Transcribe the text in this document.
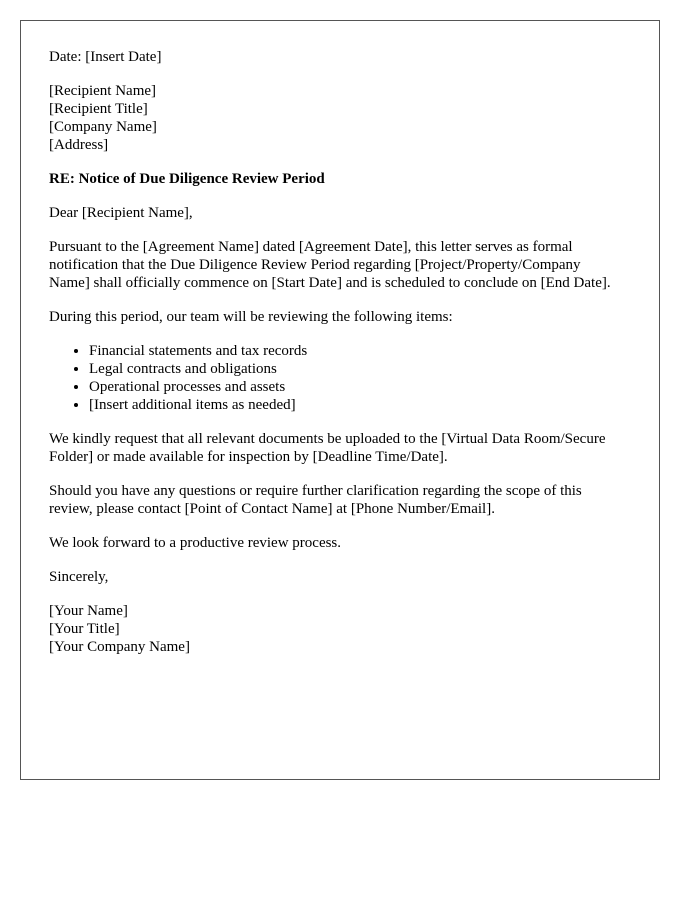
Date: [Insert Date]

[Recipient Name]
[Recipient Title]
[Company Name]
[Address]

RE: Notice of Due Diligence Review Period

Dear [Recipient Name],

Pursuant to the [Agreement Name] dated [Agreement Date], this letter serves as formal notification that the Due Diligence Review Period regarding [Project/Property/Company Name] shall officially commence on [Start Date] and is scheduled to conclude on [End Date].

During this period, our team will be reviewing the following items:

• Financial statements and tax records
• Legal contracts and obligations
• Operational processes and assets
• [Insert additional items as needed]

We kindly request that all relevant documents be uploaded to the [Virtual Data Room/Secure Folder] or made available for inspection by [Deadline Time/Date].

Should you have any questions or require further clarification regarding the scope of this review, please contact [Point of Contact Name] at [Phone Number/Email].

We look forward to a productive review process.

Sincerely,

[Your Name]
[Your Title]
[Your Company Name]
